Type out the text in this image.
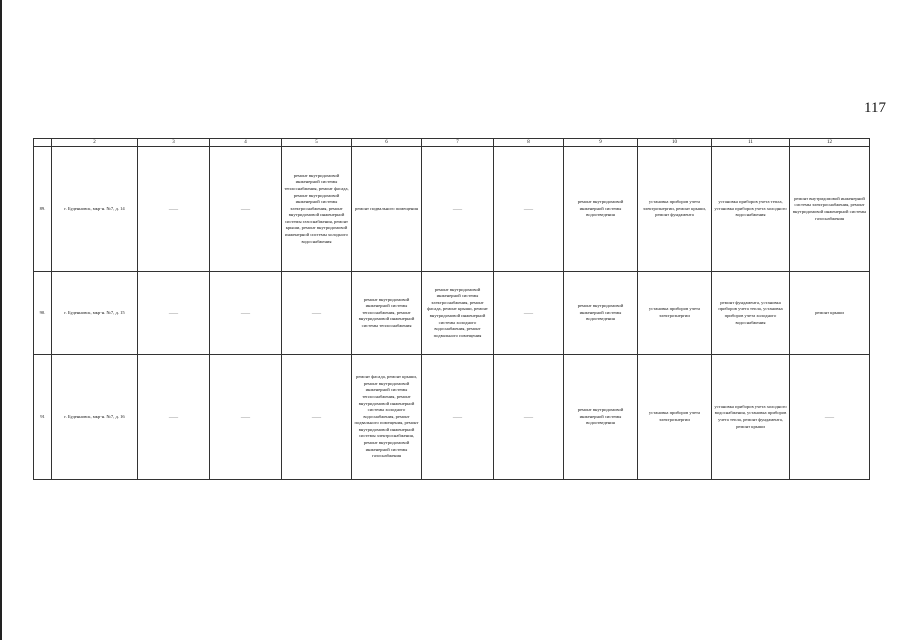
117
	2	3	4	5	6	7	8	9	10	11	12
89.	г. Буденновск, мкр-н. №7, д. 14	——	——	ремонт внутридомовой инженерной системы теплоснабжения, ремонт фасада, ремонт внутридомовой инженерной системы электроснабжения, ремонт внутридомовой инженерной системы газоснабжения, ремонт крыши, ремонт внутридомовой инженерной системы холодного водоснабжения	ремонт подвального помещения	——	——	ремонт внутридомовой инженерной системы водоотведения	установка приборов учета электроэнергии, ремонт крыши, ремонт фундамента	установка приборов учета тепла, установка приборов учета холодного водоснабжения	ремонт внутридомовой инженерной системы электроснабжения, ремонт внутридомовой инженерной системы газоснабжения
90.	г. Буденновск, мкр-н. №7, д. 15	——	——	——	ремонт внутридомовой инженерной системы теплоснабжения, ремонт внутридомовой инженерной системы теплоснабжения	ремонт внутридомовой инженерной системы электроснабжения, ремонт фасада, ремонт крыши, ремонт внутридомовой инженерной системы холодного водоснабжения, ремонт подвального помещения	——	ремонт внутридомовой инженерной системы водоотведения	установка приборов учета электроэнергии	ремонт фундамента, установка приборов учета тепла, установка приборов учета холодного водоснабжения	ремонт крыши
91	г. Буденновск, мкр-н. №7, д. 16	——	——	——	ремонт фасада, ремонт крыши, ремонт внутридомовой инженерной системы теплоснабжения, ремонт внутридомовой инженерной системы холодного водоснабжения, ремонт подвального помещения, ремонт внутридомовой инженерной системы электроснабжения, ремонт внутридомовой инженерной системы газоснабжения	——	——	ремонт внутридомовой инженерной системы водоотведения	установка приборов учета электроэнергии	установка приборов учета холодного водоснабжения, установка приборов учета тепла, ремонт фундамента, ремонт крыши	——
